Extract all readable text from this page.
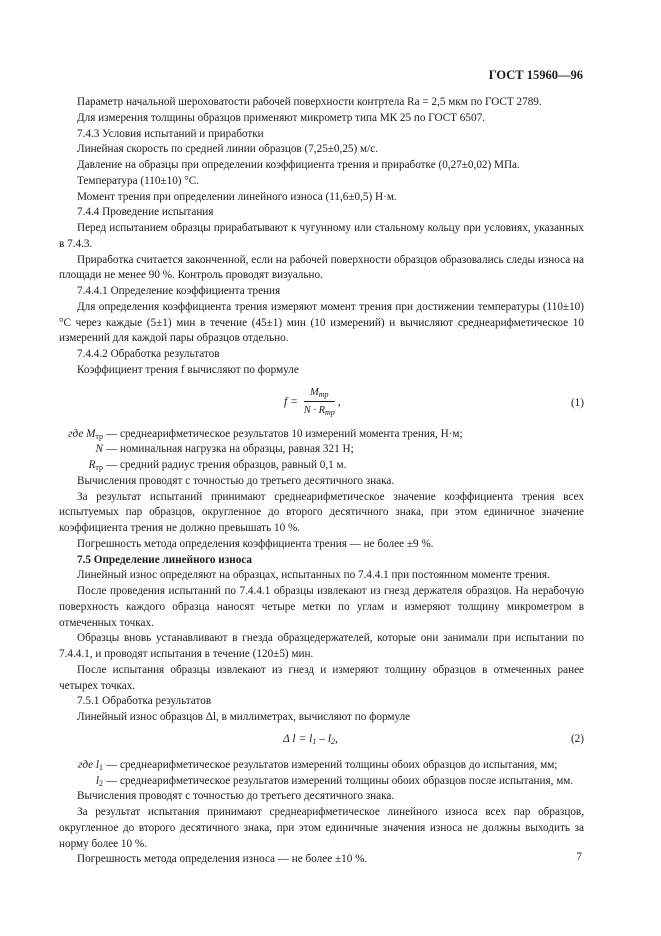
ГОСТ 15960—96

Параметр начальной шероховатости рабочей поверхности контртела Ra = 2,5 мкм по ГОСТ 2789.

Для измерения толщины образцов применяют микрометр типа МК 25 по ГОСТ 6507.

7.4.3 Условия испытаний и приработки

Линейная скорость по средней линии образцов (7,25±0,25) м/с.

Давление на образцы при определении коэффициента трения и приработке (0,27±0,02) МПа.

Температура (110±10) °С.

Момент трения при определении линейного износа (11,6±0,5) Н·м.

7.4.4 Проведение испытания

Перед испытанием образцы прирабатывают к чугунному или стальному кольцу при условиях, указанных в 7.4.3.

Приработка считается законченной, если на рабочей поверхности образцов образовались следы износа на площади не менее 90 %. Контроль проводят визуально.

7.4.4.1 Определение коэффициента трения

Для определения коэффициента трения измеряют момент трения при достижении температуры (110±10) °С через каждые (5±1) мин в течение (45±1) мин (10 измерений) и вычисляют среднеарифметическое 10 измерений для каждой пары образцов отдельно.

7.4.4.2 Обработка результатов

Коэффициент трения f вычисляют по формуле

$f = \frac{M_{тр}}{N \cdot R_{тр}}$ ,	(1)
где $M_{тр}$ — среднеарифметическое результатов 10 измерений момента трения, Н·м;
N — номинальная нагрузка на образцы, равная 321 Н;
$R_{тр}$ — средний радиус трения образцов, равный 0,1 м.

Вычисления проводят с точностью до третьего десятичного знака.

За результат испытаний принимают среднеарифметическое значение коэффициента трения всех испытуемых пар образцов, округленное до второго десятичного знака, при этом единичное значение коэффициента трения не должно превышать 10 %.

Погрешность метода определения коэффициента трения — не более ±9 %.

7.5 Определение линейного износа

Линейный износ определяют на образцах, испытанных по 7.4.4.1 при постоянном моменте трения.

После проведения испытаний по 7.4.4.1 образцы извлекают из гнезд держателя образцов. На нерабочую поверхность каждого образца наносят четыре метки по углам и измеряют толщину микрометром в отмеченных точках.

Образцы вновь устанавливают в гнезда образцедержателей, которые они занимали при испытании по 7.4.4.1, и проводят испытания в течение (120±5) мин.

После испытания образцы извлекают из гнезд и измеряют толщину образцов в отмеченных ранее четырех точках.

7.5.1 Обработка результатов

Линейный износ образцов Δl, в миллиметрах, вычисляют по формуле

Δ $l = l_1 - l_2$,	(2)
где $l_1$ — среднеарифметическое результатов измерений толщины обоих образцов до испытания, мм;
$l_2$ — среднеарифметическое результатов измерений толщины обоих образцов после испытания, мм.

Вычисления проводят с точностью до третьего десятичного знака.

За результат испытания принимают среднеарифметическое линейного износа всех пар образцов, округленное до второго десятичного знака, при этом единичные значения износа не должны выходить за норму более 10 %.

Погрешность метода определения износа — не более ±10 %.	7
